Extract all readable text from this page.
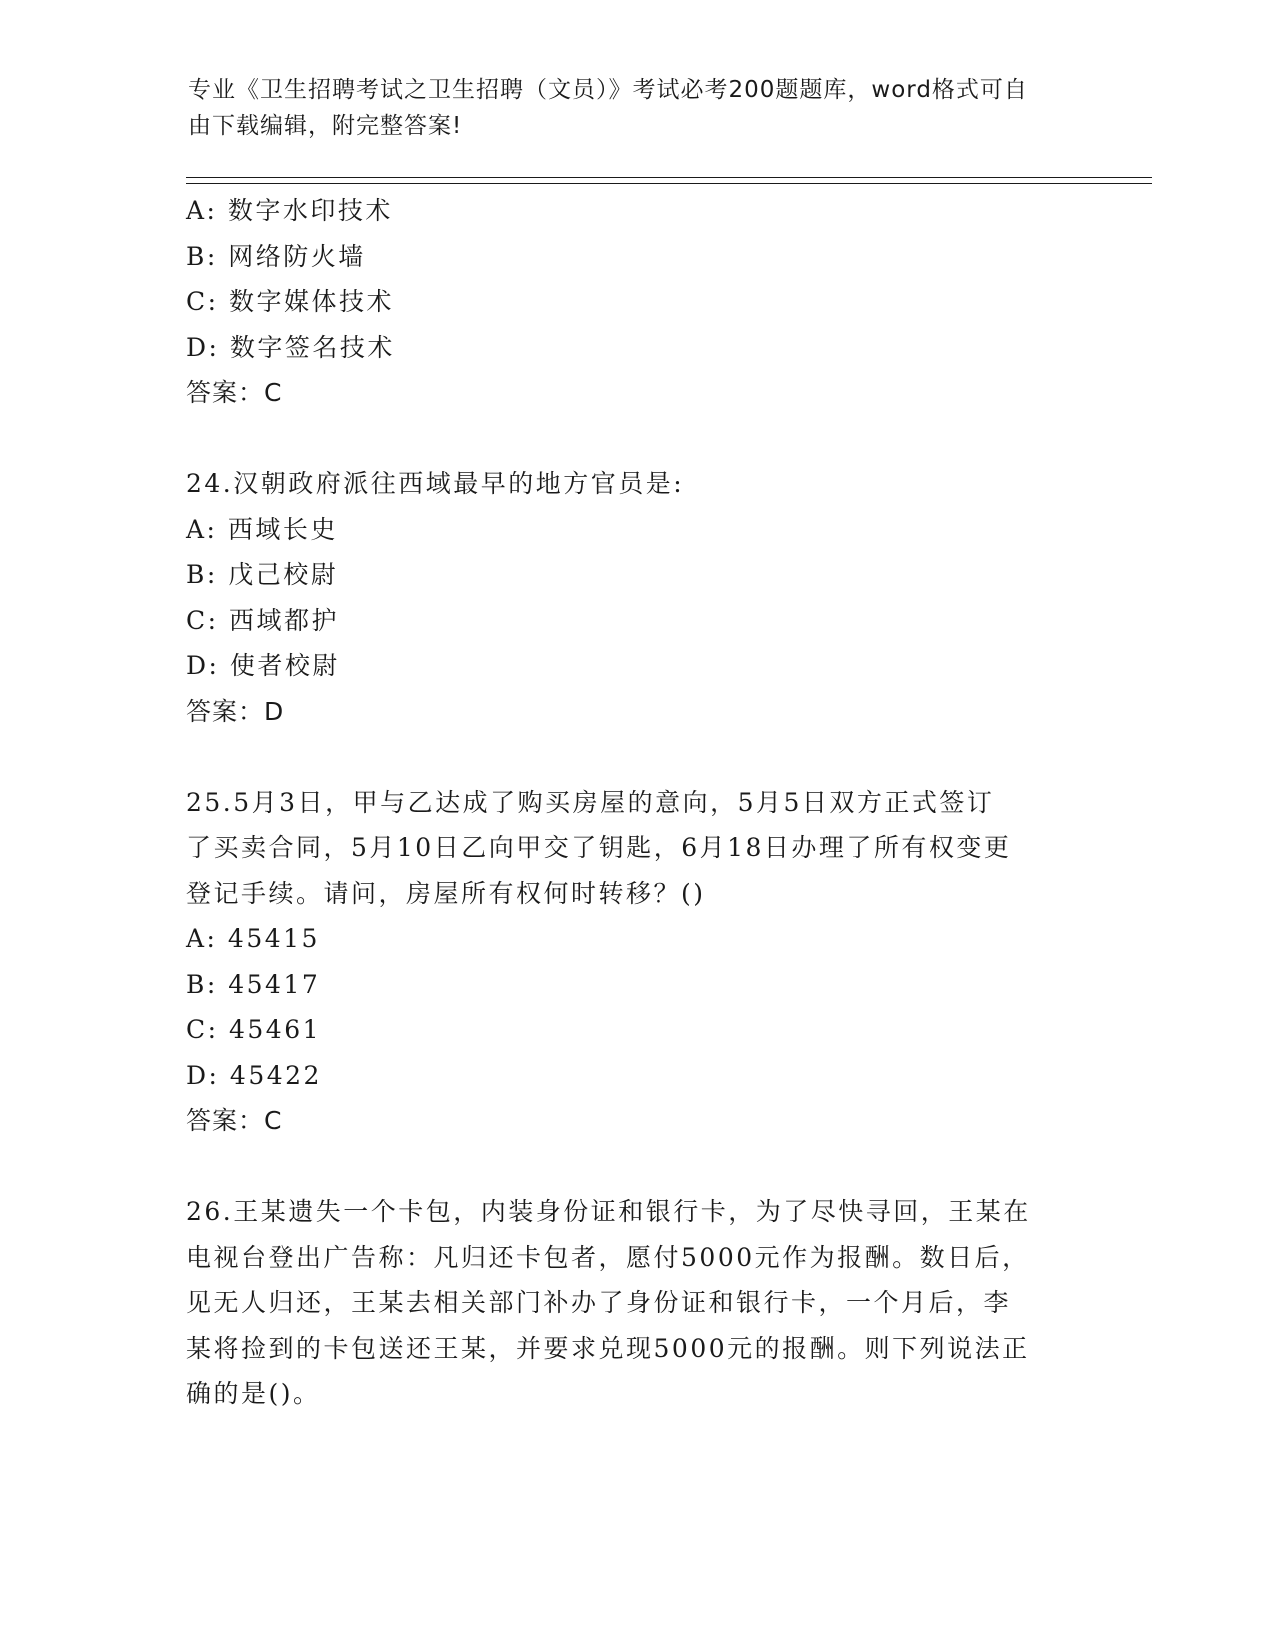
专业《卫生招聘考试之卫生招聘（文员）》考试必考200题题库，word格式可自
由下载编辑，附完整答案!
A: 数字水印技术
B: 网络防火墙
C: 数字媒体技术
D: 数字签名技术
答案：C
24.汉朝政府派往西域最早的地方官员是:
A: 西域长史
B: 戊己校尉
C: 西域都护
D: 使者校尉
答案：D
25.5月3日，甲与乙达成了购买房屋的意向，5月5日双方正式签订
了买卖合同，5月10日乙向甲交了钥匙，6月18日办理了所有权变更
登记手续。请问，房屋所有权何时转移？()
A: 45415
B: 45417
C: 45461
D: 45422
答案：C
26.王某遗失一个卡包，内装身份证和银行卡，为了尽快寻回，王某在
电视台登出广告称：凡归还卡包者，愿付5000元作为报酬。数日后，
见无人归还，王某去相关部门补办了身份证和银行卡，一个月后，李
某将捡到的卡包送还王某，并要求兑现5000元的报酬。则下列说法正
确的是()。
